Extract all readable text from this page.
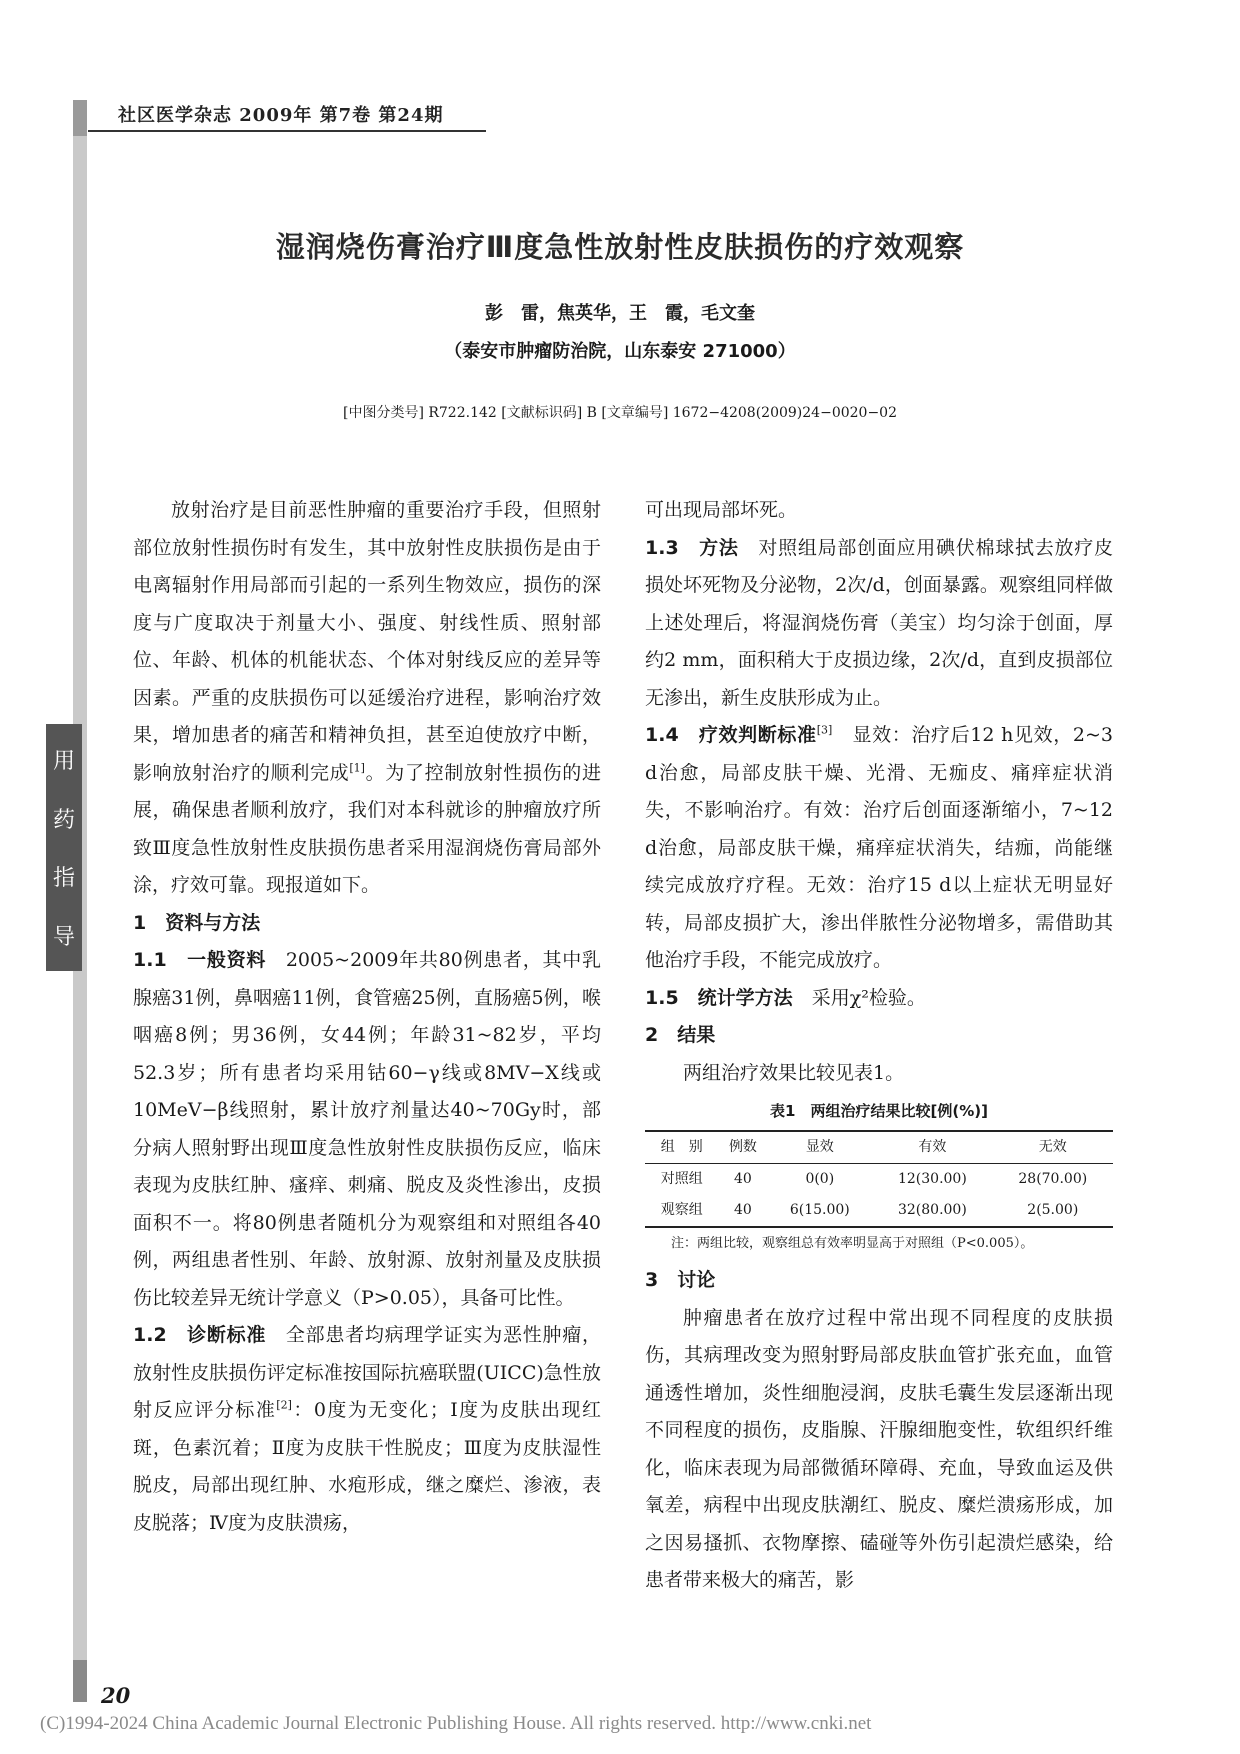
社区医学杂志 2009年 第7卷 第24期
用
药
指
导
湿润烧伤膏治疗Ⅲ度急性放射性皮肤损伤的疗效观察
彭　雷，焦英华，王　霞，毛文奎
（泰安市肿瘤防治院，山东泰安 271000）
[中图分类号] R722.142 [文献标识码] B [文章编号] 1672−4208(2009)24−0020−02

放射治疗是目前恶性肿瘤的重要治疗手段，但照射部位放射性损伤时有发生，其中放射性皮肤损伤是由于电离辐射作用局部而引起的一系列生物效应，损伤的深度与广度取决于剂量大小、强度、射线性质、照射部位、年龄、机体的机能状态、个体对射线反应的差异等因素。严重的皮肤损伤可以延缓治疗进程，影响治疗效果，增加患者的痛苦和精神负担，甚至迫使放疗中断，影响放射治疗的顺利完成[1]。为了控制放射性损伤的进展，确保患者顺利放疗，我们对本科就诊的肿瘤放疗所致Ⅲ度急性放射性皮肤损伤患者采用湿润烧伤膏局部外涂，疗效可靠。现报道如下。

1　资料与方法

1.1　一般资料　 2005~2009年共80例患者，其中乳腺癌31例，鼻咽癌11例，食管癌25例，直肠癌5例，喉咽癌8例；男36例，女44例；年龄31~82岁，平均52.3岁；所有患者均采用钴60−γ线或8MV−X线或10MeV−β线照射，累计放疗剂量达40~70Gy时，部分病人照射野出现Ⅲ度急性放射性皮肤损伤反应，临床表现为皮肤红肿、瘙痒、刺痛、脱皮及炎性渗出，皮损面积不一。将80例患者随机分为观察组和对照组各40例，两组患者性别、年龄、放射源、放射剂量及皮肤损伤比较差异无统计学意义（P>0.05），具备可比性。

1.2　诊断标准　 全部患者均病理学证实为恶性肿瘤，放射性皮肤损伤评定标准按国际抗癌联盟(UICC)急性放射反应评分标准[2]：0度为无变化；Ⅰ度为皮肤出现红斑，色素沉着；Ⅱ度为皮肤干性脱皮；Ⅲ度为皮肤湿性脱皮，局部出现红肿、水疱形成，继之糜烂、渗液，表皮脱落；Ⅳ度为皮肤溃疡，

可出现局部坏死。

1.3　方法　 对照组局部创面应用碘伏棉球拭去放疗皮损处坏死物及分泌物，2次/d，创面暴露。观察组同样做上述处理后，将湿润烧伤膏（美宝）均匀涂于创面，厚约2 mm，面积稍大于皮损边缘，2次/d，直到皮损部位无渗出，新生皮肤形成为止。

1.4　疗效判断标准[3]　显效：治疗后12 h见效，2~3 d治愈，局部皮肤干燥、光滑、无痂皮、痛痒症状消失，不影响治疗。有效：治疗后创面逐渐缩小，7~12 d治愈，局部皮肤干燥，痛痒症状消失，结痂，尚能继续完成放疗疗程。无效：治疗15 d以上症状无明显好转，局部皮损扩大，渗出伴脓性分泌物增多，需借助其他治疗手段，不能完成放疗。

1.5　统计学方法　 采用χ²检验。

2　结果

两组治疗效果比较见表1。

表1　两组治疗结果比较[例(%)]
组　别	例数	显效	有效	无效
对照组	40	0(0)	12(30.00)	28(70.00)
观察组	40	6(15.00)	32(80.00)	2(5.00)
注：两组比较，观察组总有效率明显高于对照组（P<0.005）。

3　讨论

肿瘤患者在放疗过程中常出现不同程度的皮肤损伤，其病理改变为照射野局部皮肤血管扩张充血，血管通透性增加，炎性细胞浸润，皮肤毛囊生发层逐渐出现不同程度的损伤，皮脂腺、汗腺细胞变性，软组织纤维化，临床表现为局部微循环障碍、充血，导致血运及供氧差，病程中出现皮肤潮红、脱皮、糜烂溃疡形成，加之因易搔抓、衣物摩擦、磕碰等外伤引起溃烂感染，给患者带来极大的痛苦，影

20
(C)1994-2024 China Academic Journal Electronic Publishing House. All rights reserved. http://www.cnki.net
